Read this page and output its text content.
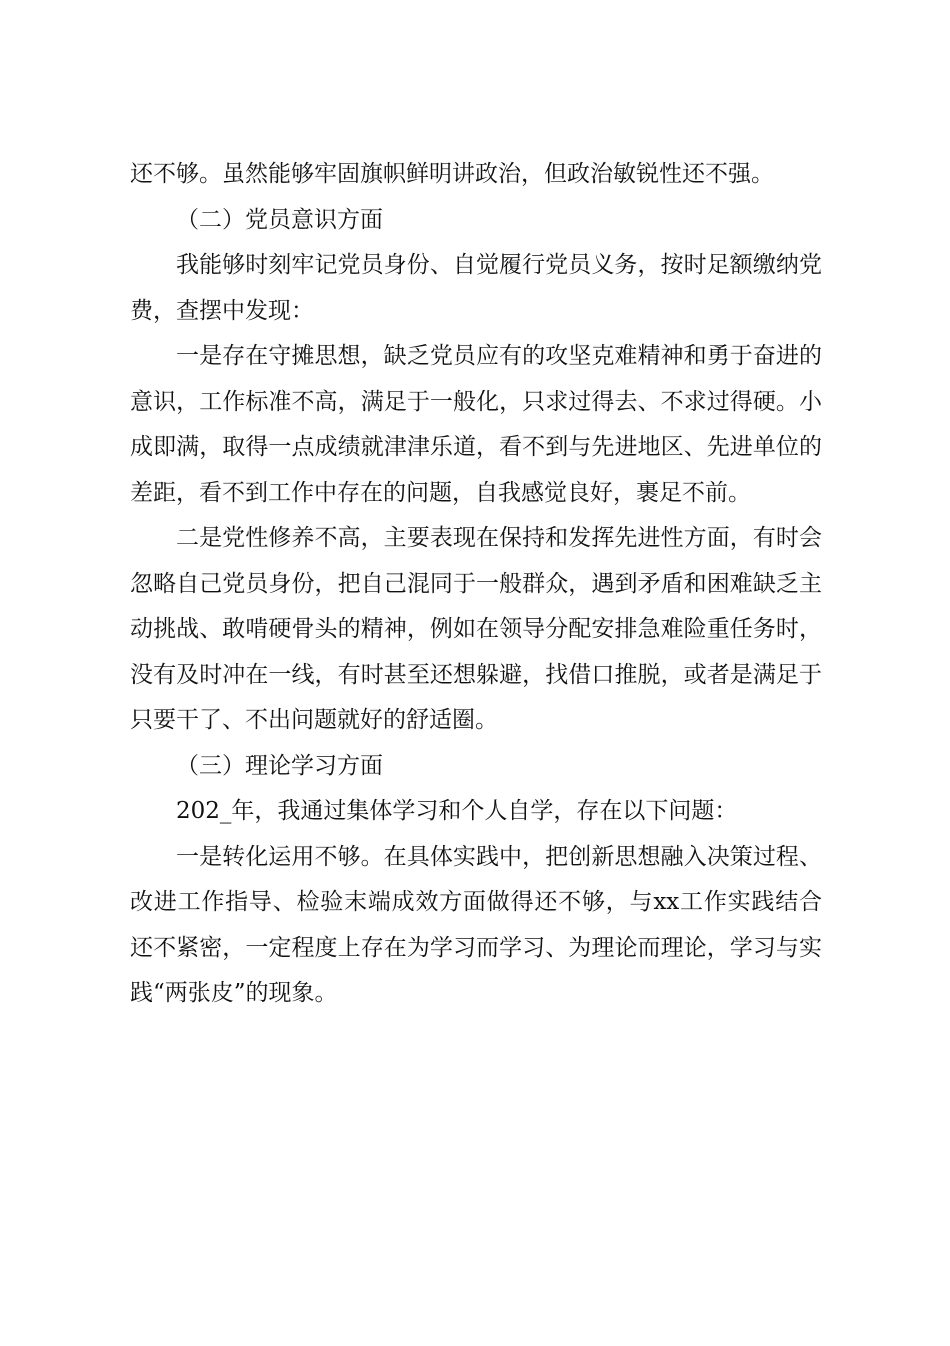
还不够。虽然能够牢固旗帜鲜明讲政治，但政治敏锐性还不强。

（二）党员意识方面

我能够时刻牢记党员身份、自觉履行党员义务，按时足额缴纳党费，查摆中发现：

一是存在守摊思想，缺乏党员应有的攻坚克难精神和勇于奋进的意识，工作标准不高，满足于一般化，只求过得去、不求过得硬。小成即满，取得一点成绩就津津乐道，看不到与先进地区、先进单位的差距，看不到工作中存在的问题，自我感觉良好，裹足不前。

二是党性修养不高，主要表现在保持和发挥先进性方面，有时会忽略自己党员身份，把自己混同于一般群众，遇到矛盾和困难缺乏主动挑战、敢啃硬骨头的精神，例如在领导分配安排急难险重任务时，没有及时冲在一线，有时甚至还想躲避，找借口推脱，或者是满足于只要干了、不出问题就好的舒适圈。

（三）理论学习方面

202_年，我通过集体学习和个人自学，存在以下问题：

一是转化运用不够。在具体实践中，把创新思想融入决策过程、改进工作指导、检验末端成效方面做得还不够，与xx工作实践结合还不紧密，一定程度上存在为学习而学习、为理论而理论，学习与实践“两张皮”的现象。
